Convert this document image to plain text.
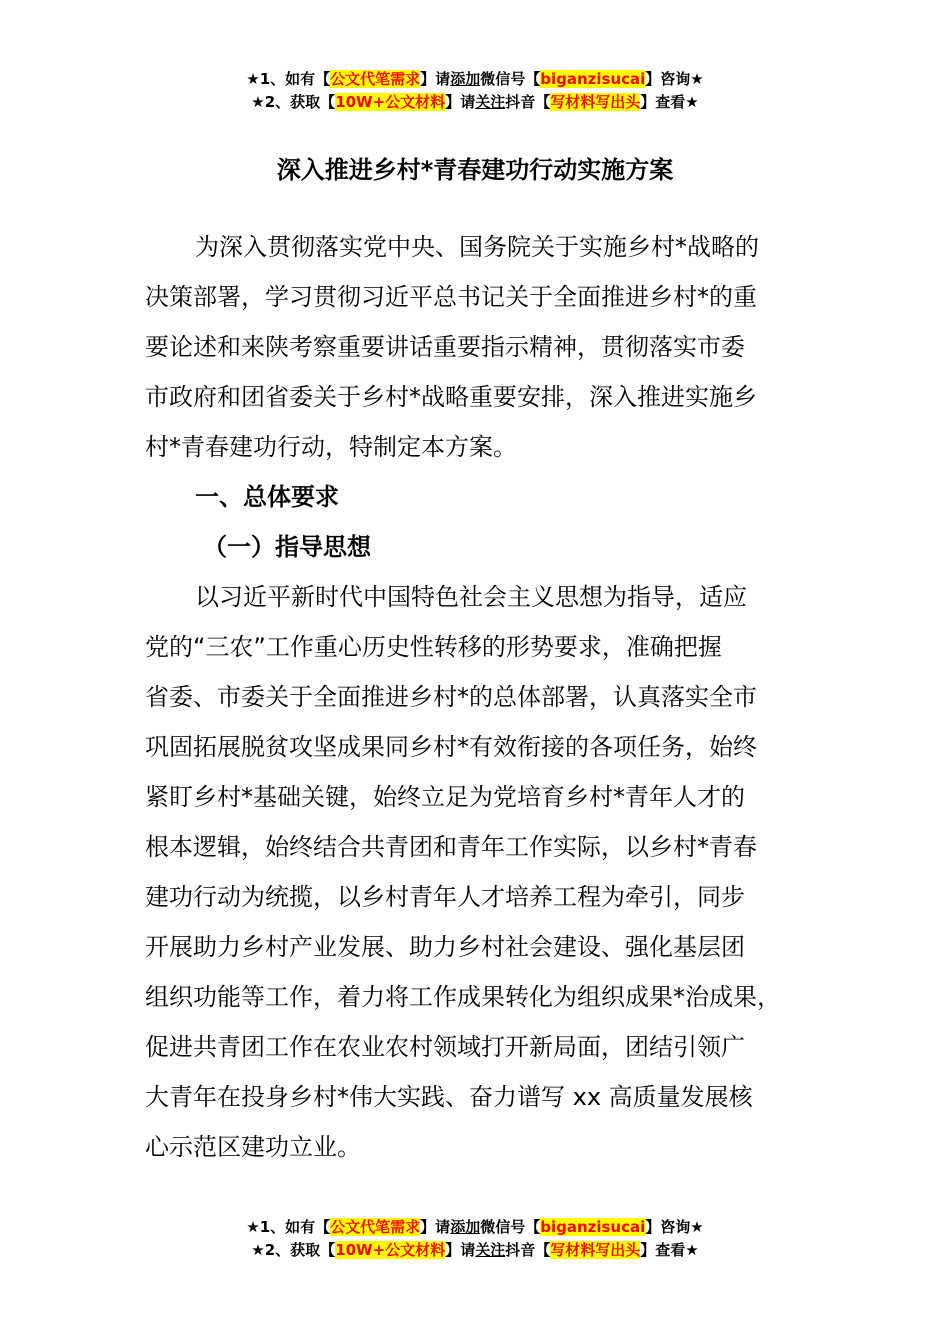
★1、如有【公文代笔需求】请添加微信号【biganzisucai】咨询★
★2、获取【10W+公文材料】请关注抖音【写材料写出头】查看★
深入推进乡村*青春建功行动实施方案

为深入贯彻落实党中央、国务院关于实施乡村*战略的
决策部署，学习贯彻习近平总书记关于全面推进乡村*的重
要论述和来陕考察重要讲话重要指示精神，贯彻落实市委
市政府和团省委关于乡村*战略重要安排，深入推进实施乡
村*青春建功行动，特制定本方案。

一、总体要求

（一）指导思想

以习近平新时代中国特色社会主义思想为指导，适应
党的“三农”工作重心历史性转移的形势要求，准确把握
省委、市委关于全面推进乡村*的总体部署，认真落实全市
巩固拓展脱贫攻坚成果同乡村*有效衔接的各项任务，始终
紧盯乡村*基础关键，始终立足为党培育乡村*青年人才的
根本逻辑，始终结合共青团和青年工作实际，以乡村*青春
建功行动为统揽，以乡村青年人才培养工程为牵引，同步
开展助力乡村产业发展、助力乡村社会建设、强化基层团
组织功能等工作，着力将工作成果转化为组织成果*治成果，
促进共青团工作在农业农村领域打开新局面，团结引领广
大青年在投身乡村*伟大实践、奋力谱写 xx 高质量发展核
心示范区建功立业。

★1、如有【公文代笔需求】请添加微信号【biganzisucai】咨询★
★2、获取【10W+公文材料】请关注抖音【写材料写出头】查看★
